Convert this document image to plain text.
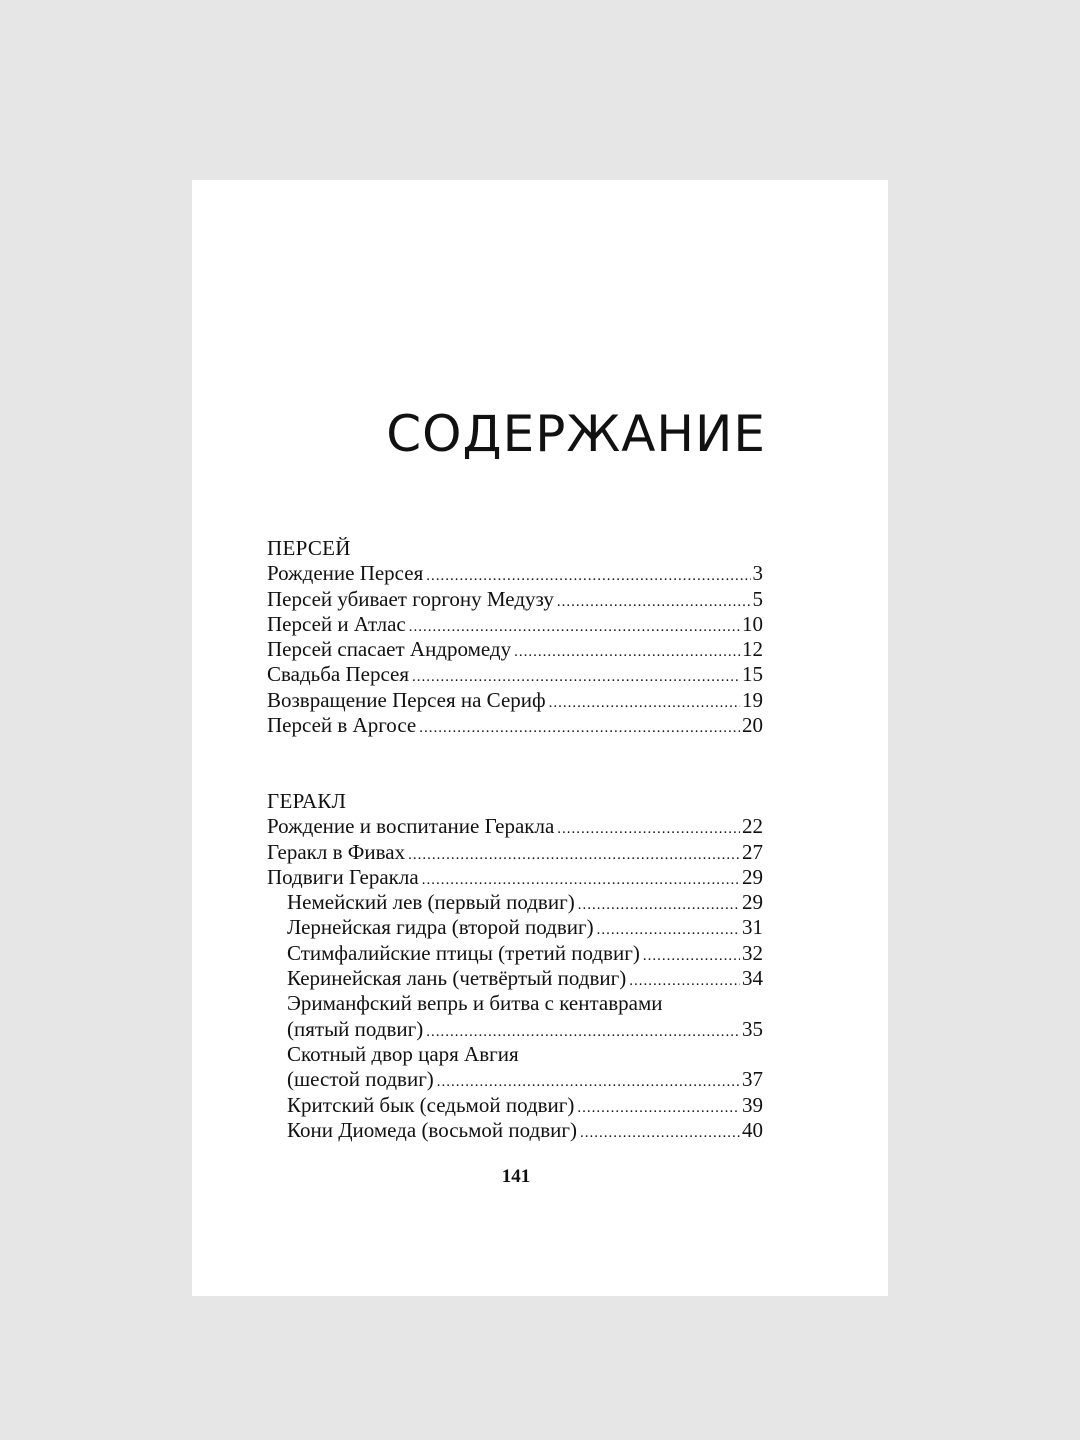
СОДЕРЖАНИЕ
ПЕРСЕЙ
Рождение Персея .....	3
Персей убивает горгону Медузу .....	5
Персей и Атлас .....	10
Персей спасает Андромеду .....	12
Свадьба Персея .....	15
Возвращение Персея на Сериф .....	19
Персей в Аргосе .....	20
ГЕРАКЛ
Рождение и воспитание Геракла .....	22
Геракл в Фивах .....	27
Подвиги Геракла .....	29
Немейский лев (первый подвиг) .....	29
Лернейская гидра (второй подвиг) .....	31
Стимфалийские птицы (третий подвиг) .....	32
Керинейская лань (четвёртый подвиг) .....	34
Эриманфский вепрь и битва с кентаврами
(пятый подвиг) .....	35
Скотный двор царя Авгия
(шестой подвиг) .....	37
Критский бык (седьмой подвиг) .....	39
Кони Диомеда (восьмой подвиг) .....	40
141
